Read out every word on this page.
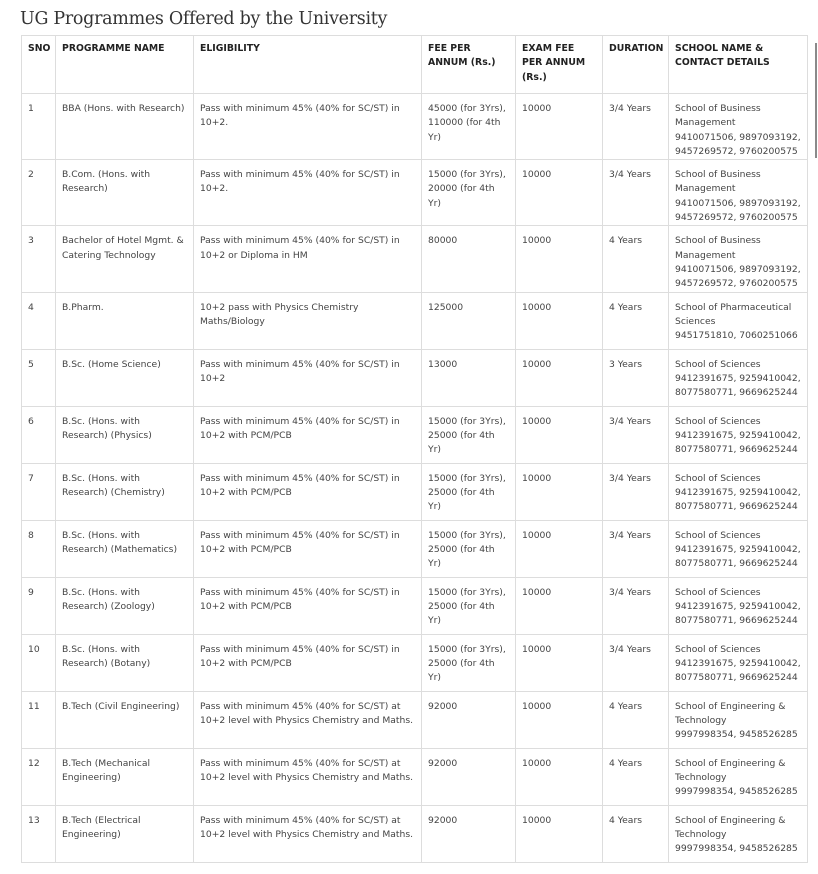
UG Programmes Offered by the University
SNO	PROGRAMME NAME	ELIGIBILITY	FEE PER ANNUM (Rs.)	EXAM FEE PER ANNUM (Rs.)	DURATION	SCHOOL NAME & CONTACT DETAILS
1	BBA (Hons. with Research)	Pass with minimum 45% (40% for SC/ST) in 10+2.	45000 (for 3Yrs), 110000 (for 4th Yr)	10000	3/4 Years	School of Business Management
9410071506, 9897093192, 9457269572, 9760200575

2	B.Com. (Hons. with Research)	Pass with minimum 45% (40% for SC/ST) in 10+2.	15000 (for 3Yrs), 20000 (for 4th Yr)	10000	3/4 Years	School of Business Management
9410071506, 9897093192, 9457269572, 9760200575

3	Bachelor of Hotel Mgmt. & Catering Technology	Pass with minimum 45% (40% for SC/ST) in 10+2 or Diploma in HM	80000	10000	4 Years	School of Business Management
9410071506, 9897093192, 9457269572, 9760200575

4	B.Pharm.	10+2 pass with Physics Chemistry Maths/Biology	125000	10000	4 Years	School of Pharmaceutical Sciences
9451751810, 7060251066

5	B.Sc. (Home Science)	Pass with minimum 45% (40% for SC/ST) in 10+2	13000	10000	3 Years	School of Sciences
9412391675, 9259410042, 8077580771, 9669625244

6	B.Sc. (Hons. with Research) (Physics)	Pass with minimum 45% (40% for SC/ST) in 10+2 with PCM/PCB	15000 (for 3Yrs), 25000 (for 4th Yr)	10000	3/4 Years	School of Sciences
9412391675, 9259410042, 8077580771, 9669625244

7	B.Sc. (Hons. with Research) (Chemistry)	Pass with minimum 45% (40% for SC/ST) in 10+2 with PCM/PCB	15000 (for 3Yrs), 25000 (for 4th Yr)	10000	3/4 Years	School of Sciences
9412391675, 9259410042, 8077580771, 9669625244

8	B.Sc. (Hons. with Research) (Mathematics)	Pass with minimum 45% (40% for SC/ST) in 10+2 with PCM/PCB	15000 (for 3Yrs), 25000 (for 4th Yr)	10000	3/4 Years	School of Sciences
9412391675, 9259410042, 8077580771, 9669625244

9	B.Sc. (Hons. with Research) (Zoology)	Pass with minimum 45% (40% for SC/ST) in 10+2 with PCM/PCB	15000 (for 3Yrs), 25000 (for 4th Yr)	10000	3/4 Years	School of Sciences
9412391675, 9259410042, 8077580771, 9669625244

10	B.Sc. (Hons. with Research) (Botany)	Pass with minimum 45% (40% for SC/ST) in 10+2 with PCM/PCB	15000 (for 3Yrs), 25000 (for 4th Yr)	10000	3/4 Years	School of Sciences
9412391675, 9259410042, 8077580771, 9669625244

11	B.Tech (Civil Engineering)	Pass with minimum 45% (40% for SC/ST) at 10+2 level with Physics Chemistry and Maths.	92000	10000	4 Years	School of Engineering & Technology
9997998354, 9458526285

12	B.Tech (Mechanical Engineering)	Pass with minimum 45% (40% for SC/ST) at 10+2 level with Physics Chemistry and Maths.	92000	10000	4 Years	School of Engineering & Technology
9997998354, 9458526285

13	B.Tech (Electrical Engineering)	Pass with minimum 45% (40% for SC/ST) at 10+2 level with Physics Chemistry and Maths.	92000	10000	4 Years	School of Engineering & Technology
9997998354, 9458526285
